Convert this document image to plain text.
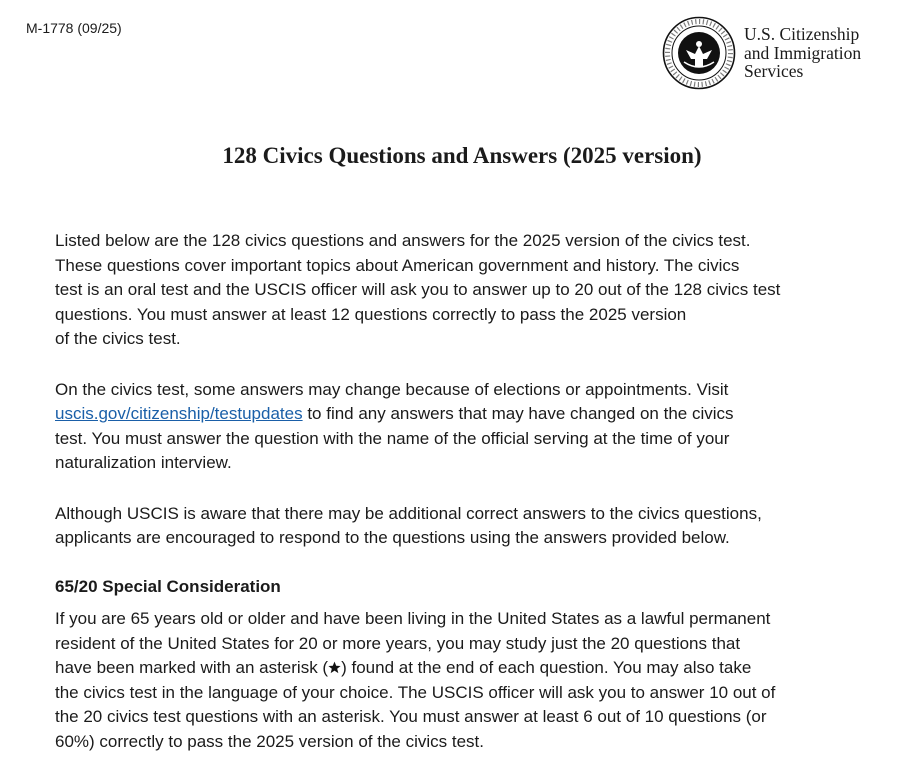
M-1778 (09/25)	U.S. Citizenship
and Immigration
Services
128 Civics Questions and Answers (2025 version)
Listed below are the 128 civics questions and answers for the 2025 version of the civics test.
These questions cover important topics about American government and history. The civics
test is an oral test and the USCIS officer will ask you to answer up to 20 out of the 128 civics test
questions. You must answer at least 12 questions correctly to pass the 2025 version
of the civics test.
On the civics test, some answers may change because of elections or appointments. Visit
uscis.gov/citizenship/testupdates to find any answers that may have changed on the civics
test. You must answer the question with the name of the official serving at the time of your
naturalization interview.
Although USCIS is aware that there may be additional correct answers to the civics questions,
applicants are encouraged to respond to the questions using the answers provided below.
65/20 Special Consideration
If you are 65 years old or older and have been living in the United States as a lawful permanent
resident of the United States for 20 or more years, you may study just the 20 questions that
have been marked with an asterisk ( ) found at the end of each question. You may also take
the civics test in the language of your choice. The USCIS officer will ask you to answer 10 out of
the 20 civics test questions with an asterisk. You must answer at least 6 out of 10 questions (or
60%) correctly to pass the 2025 version of the civics test.
